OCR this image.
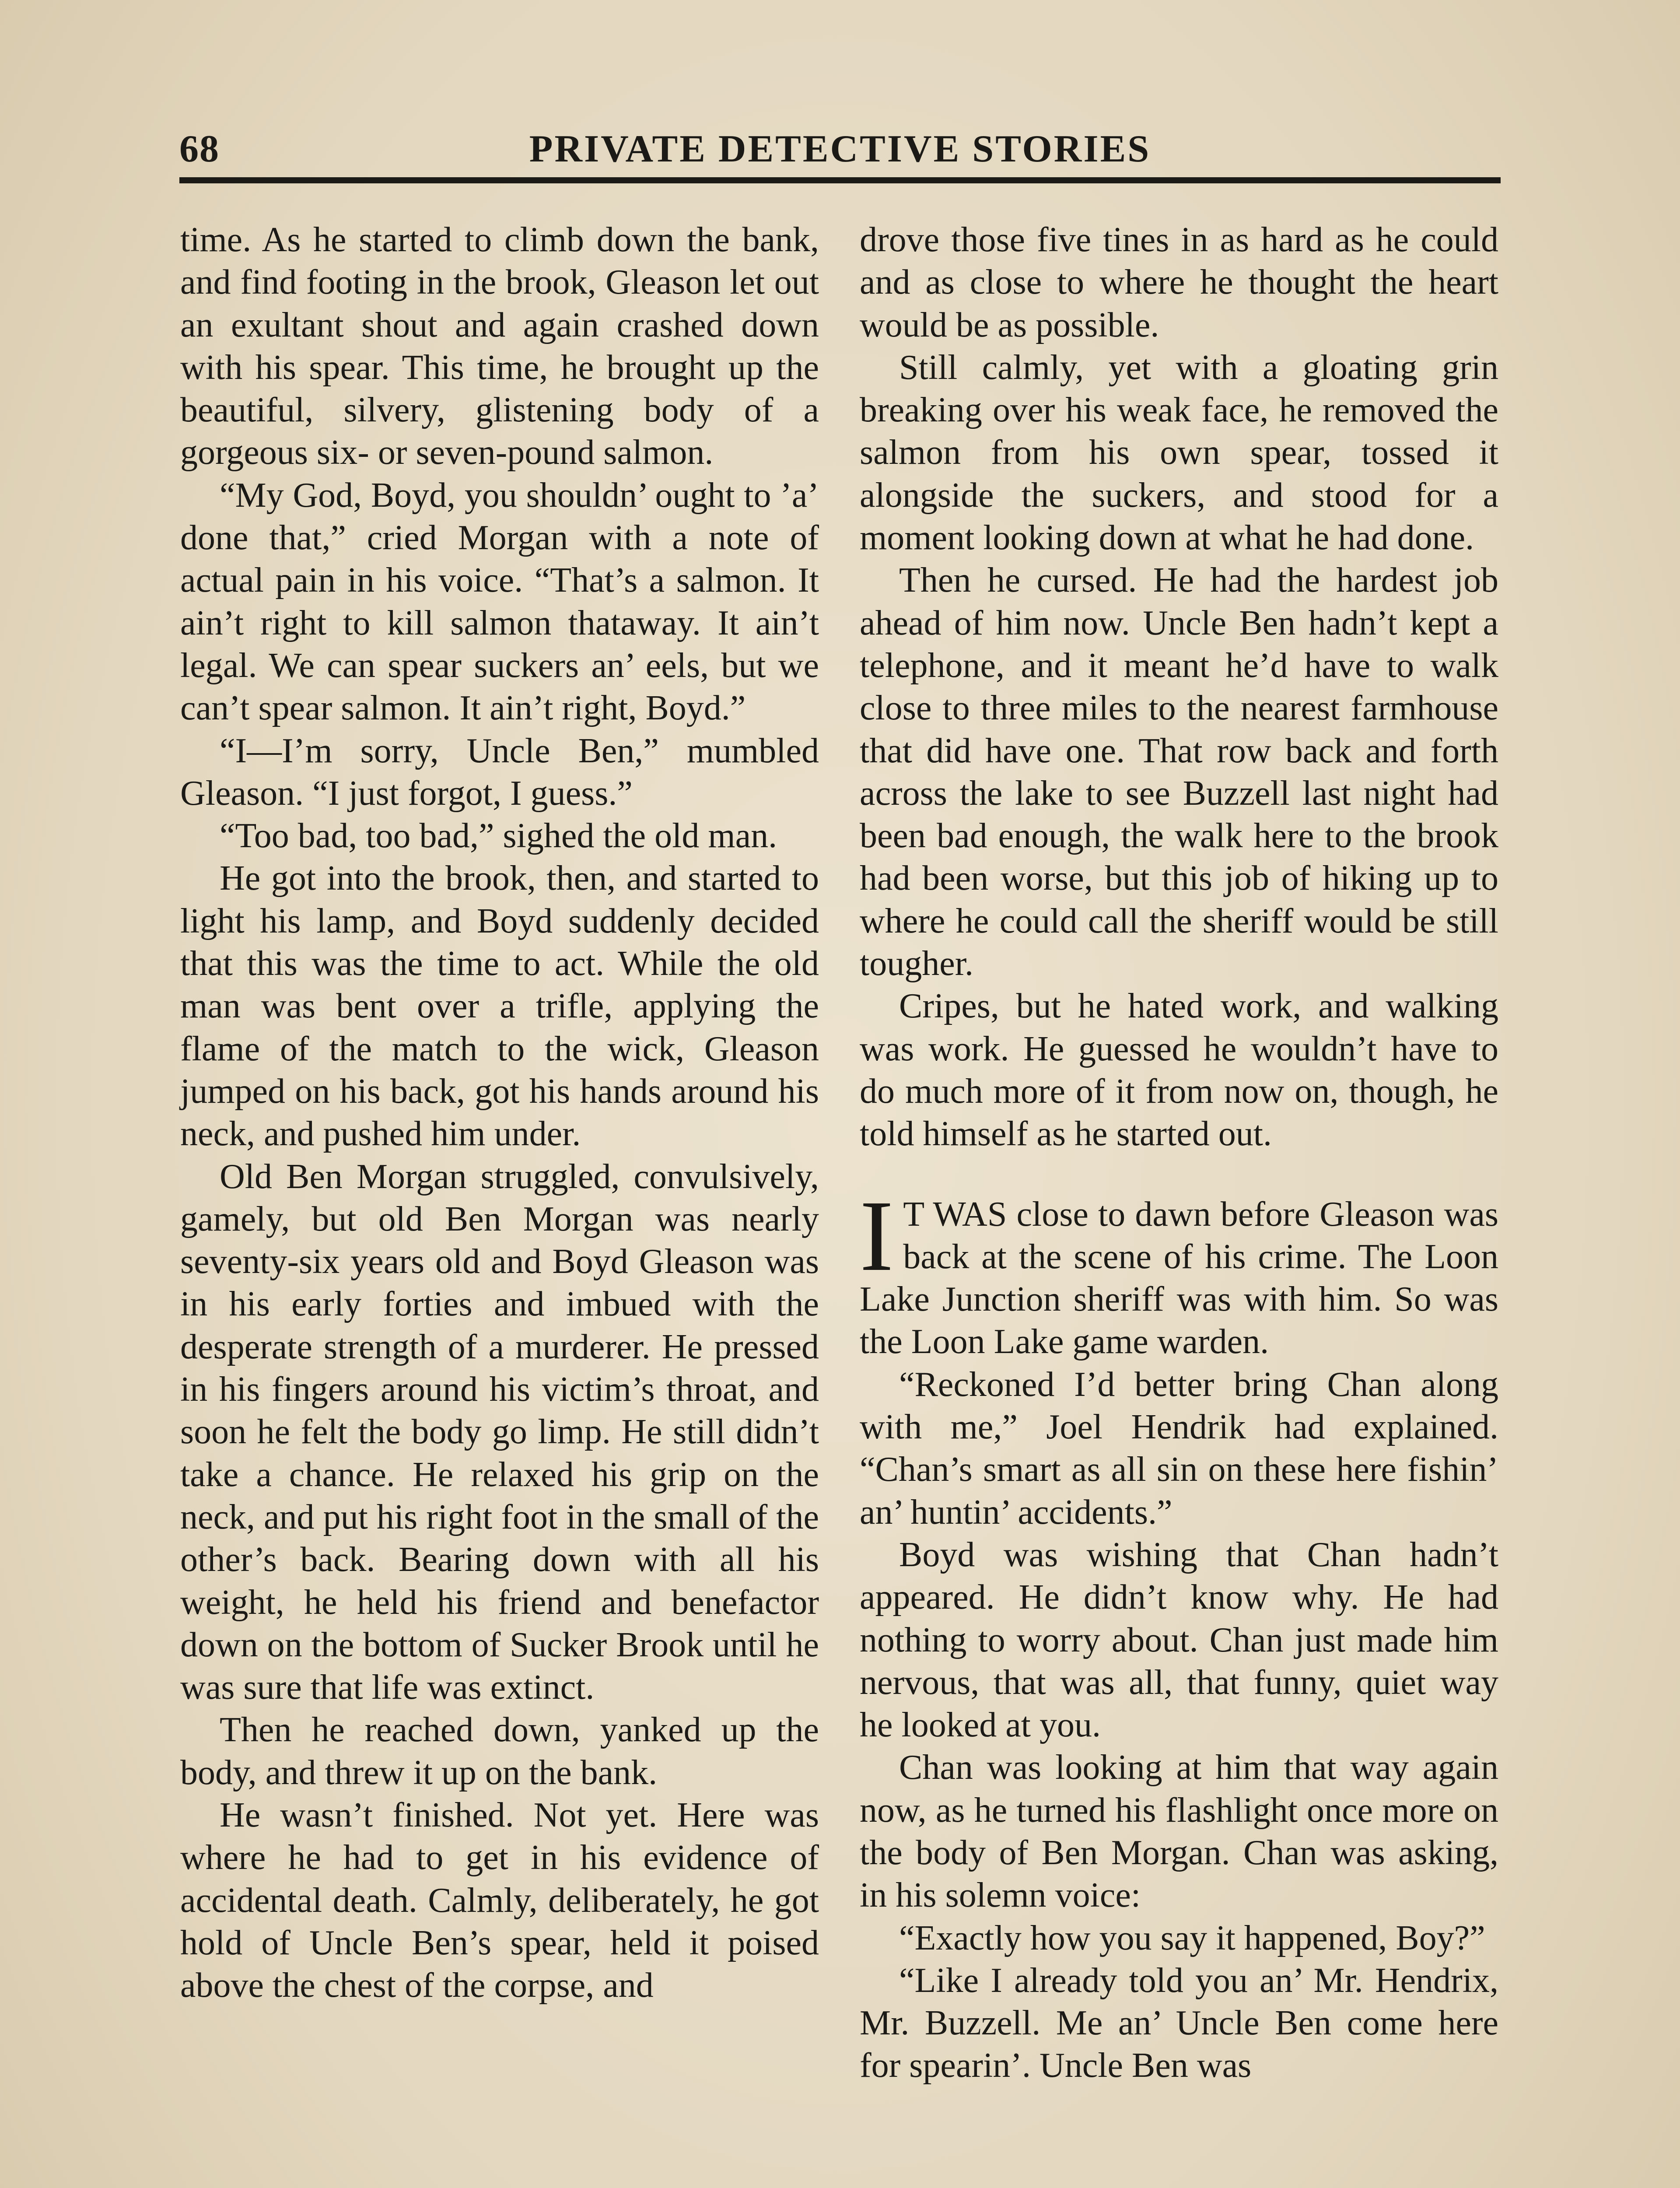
68	PRIVATE DETECTIVE STORIES

time. As he started to climb down the bank, and find footing in the brook, Gleason let out an exultant shout and again crashed down with his spear. This time, he brought up the beautiful, silvery, glistening body of a gorgeous six- or seven-pound salmon.

“My God, Boyd, you shouldn’ ought to ’a’ done that,” cried Morgan with a note of actual pain in his voice. “That’s a salmon. It ain’t right to kill salmon thataway. It ain’t legal. We can spear suckers an’ eels, but we can’t spear salmon. It ain’t right, Boyd.”

“I—I’m sorry, Uncle Ben,” mumbled Gleason. “I just forgot, I guess.”

“Too bad, too bad,” sighed the old man.

He got into the brook, then, and started to light his lamp, and Boyd suddenly decided that this was the time to act. While the old man was bent over a trifle, applying the flame of the match to the wick, Gleason jumped on his back, got his hands around his neck, and pushed him under.

Old Ben Morgan struggled, convulsively, gamely, but old Ben Morgan was nearly seventy-six years old and Boyd Gleason was in his early forties and imbued with the desperate strength of a murderer. He pressed in his fingers around his victim’s throat, and soon he felt the body go limp. He still didn’t take a chance. He relaxed his grip on the neck, and put his right foot in the small of the other’s back. Bearing down with all his weight, he held his friend and benefactor down on the bottom of Sucker Brook until he was sure that life was extinct.

Then he reached down, yanked up the body, and threw it up on the bank.

He wasn’t finished. Not yet. Here was where he had to get in his evidence of accidental death. Calmly, deliberately, he got hold of Uncle Ben’s spear, held it poised above the chest of the corpse, and

drove those five tines in as hard as he could and as close to where he thought the heart would be as possible.

Still calmly, yet with a gloating grin breaking over his weak face, he removed the salmon from his own spear, tossed it alongside the suckers, and stood for a moment looking down at what he had done.

Then he cursed. He had the hardest job ahead of him now. Uncle Ben hadn’t kept a telephone, and it meant he’d have to walk close to three miles to the nearest farmhouse that did have one. That row back and forth across the lake to see Buzzell last night had been bad enough, the walk here to the brook had been worse, but this job of hiking up to where he could call the sheriff would be still tougher.

Cripes, but he hated work, and walking was work. He guessed he wouldn’t have to do much more of it from now on, though, he told himself as he started out.

I T WAS close to dawn before Gleason was back at the scene of his crime. The Loon Lake Junction sheriff was with him. So was the Loon Lake game warden.

“Reckoned I’d better bring Chan along with me,” Joel Hendrik had explained. “Chan’s smart as all sin on these here fishin’ an’ huntin’ accidents.”

Boyd was wishing that Chan hadn’t appeared. He didn’t know why. He had nothing to worry about. Chan just made him nervous, that was all, that funny, quiet way he looked at you.

Chan was looking at him that way again now, as he turned his flashlight once more on the body of Ben Morgan. Chan was asking, in his solemn voice:

“Exactly how you say it happened, Boy?”

“Like I already told you an’ Mr. Hendrix, Mr. Buzzell. Me an’ Uncle Ben come here for spearin’. Uncle Ben was
